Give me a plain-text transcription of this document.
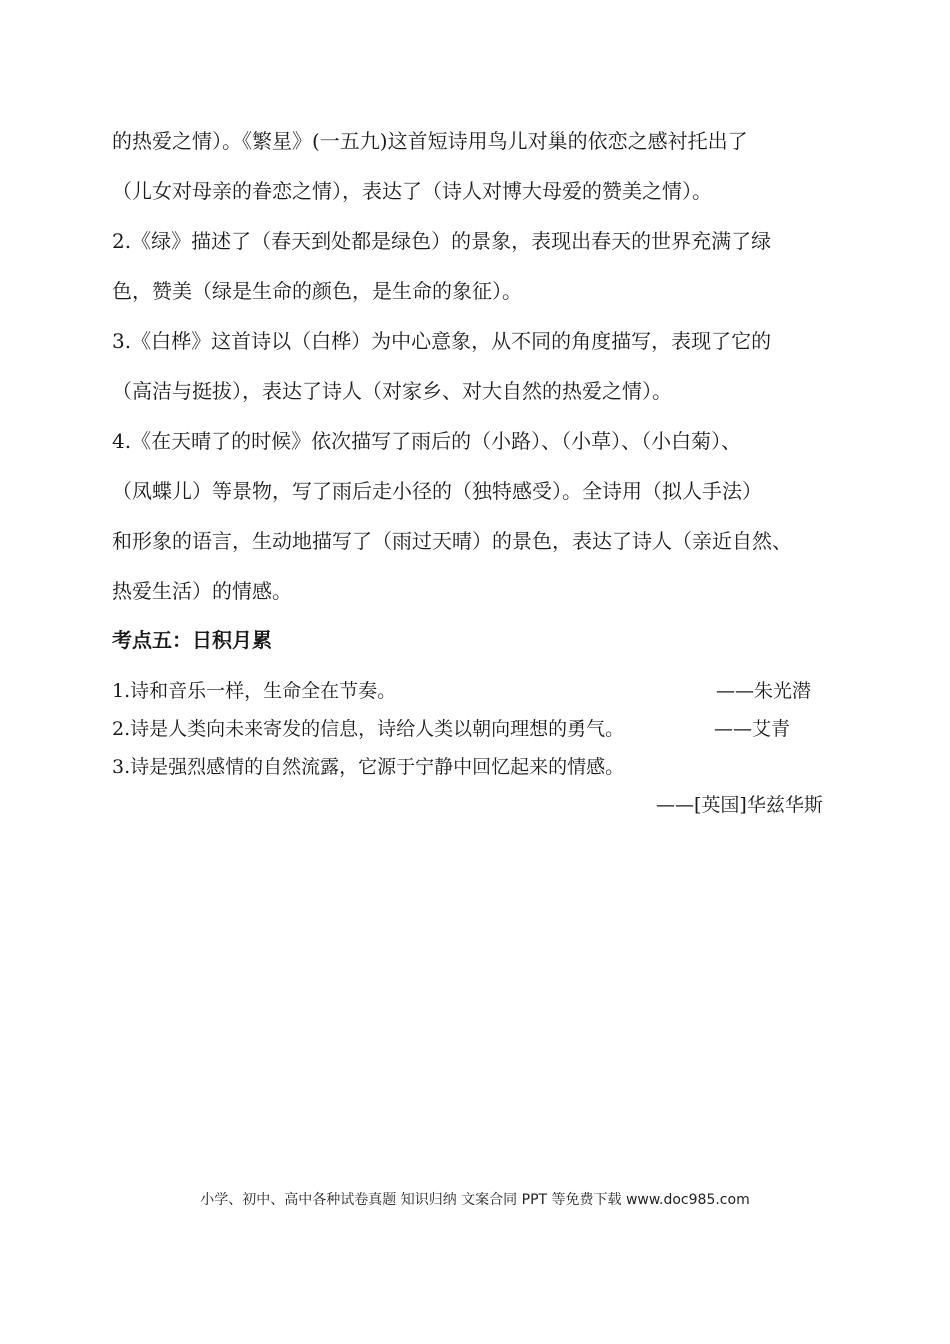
的热爱之情）。《繁星》(一五九)这首短诗用鸟儿对巢的依恋之感衬托出了
（儿女对母亲的眷恋之情），表达了（诗人对博大母爱的赞美之情）。
2.《绿》描述了（春天到处都是绿色）的景象，表现出春天的世界充满了绿
色，赞美（绿是生命的颜色，是生命的象征）。
3.《白桦》这首诗以（白桦）为中心意象，从不同的角度描写，表现了它的
（高洁与挺拔），表达了诗人（对家乡、对大自然的热爱之情）。
4.《在天晴了的时候》依次描写了雨后的（小路）、（小草）、（小白菊）、
（凤蝶儿）等景物，写了雨后走小径的（独特感受）。全诗用（拟人手法）
和形象的语言，生动地描写了（雨过天晴）的景色，表达了诗人（亲近自然、
热爱生活）的情感。
考点五：日积月累
1.诗和音乐一样，生命全在节奏。	——朱光潜
2.诗是人类向未来寄发的信息，诗给人类以朝向理想的勇气。	——艾青
3.诗是强烈感情的自然流露，它源于宁静中回忆起来的情感。
——[英国]华兹华斯
小学、初中、高中各种试卷真题 知识归纳 文案合同 PPT 等免费下载 www.doc985.com
